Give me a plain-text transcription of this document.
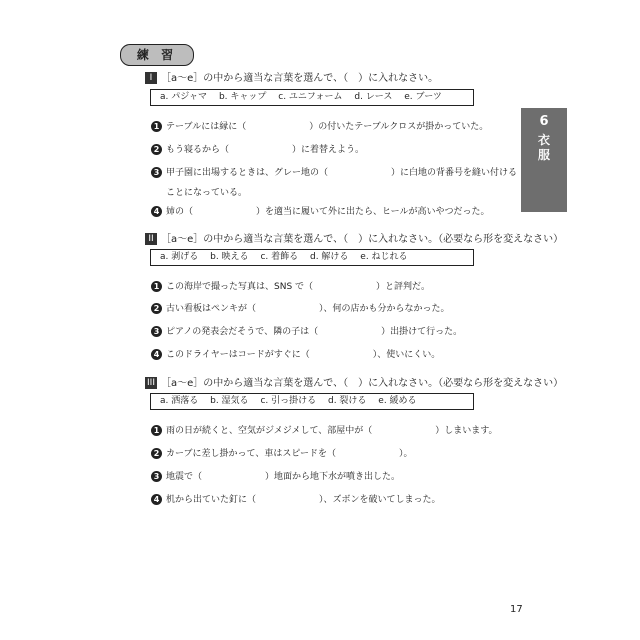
練 習
6
衣服
I ［a〜e］の中から適当な言葉を選んで、（　）に入れなさい。
a. パジャマ b. キャップ c. ユニフォーム d. レース e. ブーツ
1 テーブルには縁に（　　　　　　　）の付いたテーブルクロスが掛かっていた。
2 もう寝るから（　　　　　　　）に着替えよう。
3 甲子園に出場するときは、グレー地の（　　　　　　　）に白地の背番号を縫い付ける
ことになっている。
4 姉の（　　　　　　　）を適当に履いて外に出たら、ヒールが高いやつだった。
II ［a〜e］の中から適当な言葉を選んで、（　）に入れなさい。（必要なら形を変えなさい）
a. 剥げる b. 映える c. 着飾る d. 解ける e. ねじれる
1 この海岸で撮った写真は、SNS で（　　　　　　　）と評判だ。
2 古い看板はペンキが（　　　　　　　）、何の店かも分からなかった。
3 ピアノの発表会だそうで、隣の子は（　　　　　　　）出掛けて行った。
4 このドライヤーはコードがすぐに（　　　　　　　）、使いにくい。
III ［a〜e］の中から適当な言葉を選んで、（　）に入れなさい。（必要なら形を変えなさい）
a. 洒落る b. 湿気る c. 引っ掛ける d. 裂ける e. 緩める
1 雨の日が続くと、空気がジメジメして、部屋中が（　　　　　　　）しまいます。
2 カーブに差し掛かって、車はスピードを（　　　　　　　）。
3 地震で（　　　　　　　）地面から地下水が噴き出した。
4 机から出ていた釘に（　　　　　　　）、ズボンを破いてしまった。
17
